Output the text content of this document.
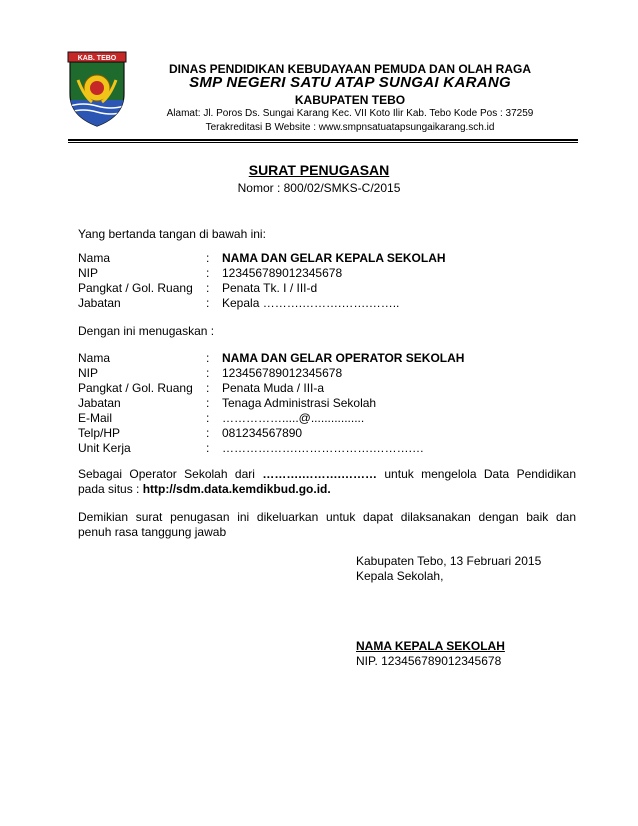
KAB. TEBO
DINAS PENDIDIKAN KEBUDAYAAN PEMUDA DAN OLAH RAGA
SMP NEGERI SATU ATAP SUNGAI KARANG
KABUPATEN TEBO
Alamat: Jl. Poros Ds. Sungai Karang Kec. VII Koto Ilir Kab. Tebo Kode Pos : 37259
Terakreditasi B Website : www.smpnsatuatapsungaikarang.sch.id
SURAT PENUGASAN
Nomor : 800/02/SMKS-C/2015
Yang bertanda tangan di bawah ini:
Nama	: NAMA DAN GELAR KEPALA SEKOLAH
NIP	: 123456789012345678
Pangkat / Gol. Ruang : Penata Tk. I / III-d
Jabatan	: Kepala ……….……….…….……..
Dengan ini menugaskan :
Nama	: NAMA DAN GELAR OPERATOR SEKOLAH
NIP	: 123456789012345678
Pangkat / Gol. Ruang : Penata Muda / III-a
Jabatan	: Tenaga Administrasi Sekolah
E-Mail	: …………….....@................
Telp/HP	: 081234567890
Unit Kerja	: ……………….……………….……….…
Sebagai Operator Sekolah dari ……….……….……… untuk mengelola Data Pendidikan
pada situs : http://sdm.data.kemdikbud.go.id.
Demikian surat penugasan ini dikeluarkan untuk dapat dilaksanakan dengan baik dan
penuh rasa tanggung jawab
Kabupaten Tebo, 13 Februari 2015
Kepala Sekolah,
NAMA KEPALA SEKOLAH
NIP. 123456789012345678
